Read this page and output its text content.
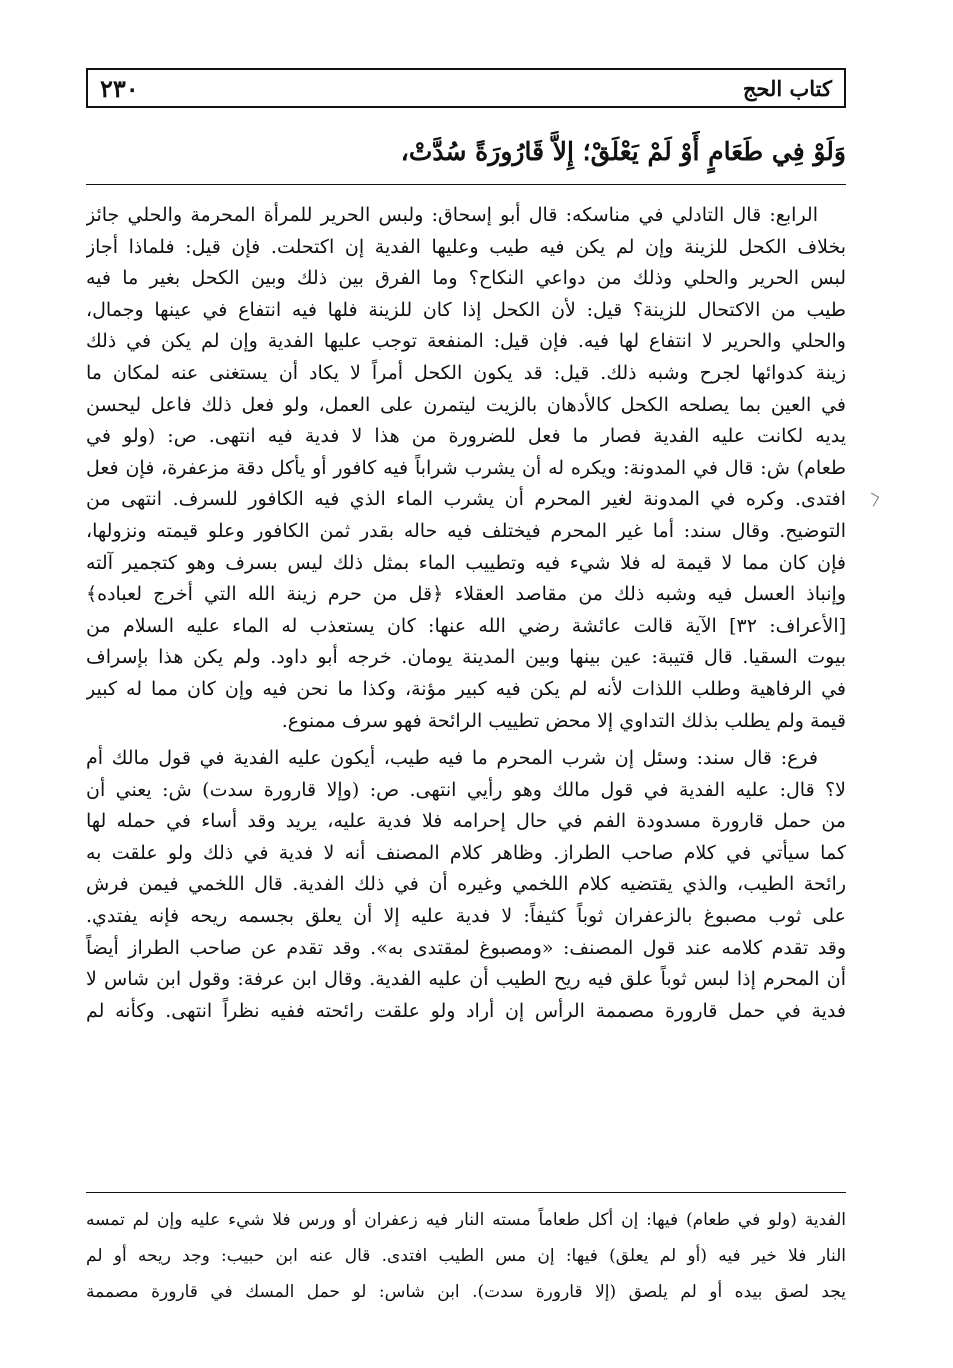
٢٣٠	كتاب الحج
وَلَوْ فِي طَعَامٍ أَوْ لَمْ يَعْلَقْ؛ إِلاَّ قَارُورَةً سُدَّتْ،
الرابع: قال التادلي في مناسكه: قال أبو إسحاق: ولبس الحرير للمرأة المحرمة والحلي جائز
بخلاف الكحل للزينة وإن لم يكن فيه طيب وعليها الفدية إن اكتحلت. فإن قيل: فلماذا أجاز
لبس الحرير والحلي وذلك من دواعي النكاح؟ وما الفرق بين ذلك وبين الكحل بغير ما فيه
طيب من الاكتحال للزينة؟ قيل: لأن الكحل إذا كان للزينة فلها فيه انتفاع في عينها وجمال،
والحلي والحرير لا انتفاع لها فيه. فإن قيل: المنفعة توجب عليها الفدية وإن لم يكن في ذلك
زينة كدوائها لجرح وشبه ذلك. قيل: قد يكون الكحل أمراً لا يكاد أن يستغنى عنه لمكان ما
في العين بما يصلحه الكحل كالأدهان بالزيت ليتمرن على العمل، ولو فعل ذلك فاعل ليحسن
يديه لكانت عليه الفدية فصار ما فعل للضرورة من هذا لا فدية فيه انتهى. ص: (ولو في
طعام) ش: قال في المدونة: ويكره له أن يشرب شراباً فيه كافور أو يأكل دقة مزعفرة، فإن فعل
افتدى. وكره في المدونة لغير المحرم أن يشرب الماء الذي فيه الكافور للسرف. انتهى من
التوضيح. وقال سند: أما غير المحرم فيختلف فيه حاله بقدر ثمن الكافور وعلو قيمته ونزولها،
فإن كان مما لا قيمة له فلا شيء فيه وتطييب الماء بمثل ذلك ليس بسرف وهو كتجمير آلته
وإنباذ العسل فيه وشبه ذلك من مقاصد العقلاء ﴿قل من حرم زينة الله التي أخرج لعباده﴾
[الأعراف: ٣٢] الآية قالت عائشة رضي الله عنها: كان يستعذب له الماء عليه السلام من
بيوت السقيا. قال قتيبة: عين بينها وبين المدينة يومان. خرجه أبو داود. ولم يكن هذا بإسراف
في الرفاهية وطلب اللذات لأنه لم يكن فيه كبير مؤنة، وكذا ما نحن فيه وإن كان مما له كبير
قيمة ولم يطلب بذلك التداوي إلا محض تطييب الرائحة فهو سرف ممنوع.
فرع: قال سند: وسئل إن شرب المحرم ما فيه طيب، أيكون عليه الفدية في قول مالك أم
لا؟ قال: عليه الفدية في قول مالك وهو رأيي انتهى. ص: (وإلا قارورة سدت) ش: يعني أن
من حمل قارورة مسدودة الفم في حال إحرامه فلا فدية عليه، يريد وقد أساء في حمله لها
كما سيأتي في كلام صاحب الطراز. وظاهر كلام المصنف أنه لا فدية في ذلك ولو علقت به
رائحة الطيب، والذي يقتضيه كلام اللخمي وغيره أن في ذلك الفدية. قال اللخمي فيمن فرش
على ثوب مصبوغ بالزعفران ثوباً كثيفاً: لا فدية عليه إلا أن يعلق بجسمه ريحه فإنه يفتدي.
وقد تقدم كلامه عند قول المصنف: «ومصبوغ لمقتدى به». وقد تقدم عن صاحب الطراز أيضاً
أن المحرم إذا لبس ثوباً علق فيه ريح الطيب أن عليه الفدية. وقال ابن عرفة: وقول ابن شاس لا
فدية في حمل قارورة مصممة الرأس إن أراد ولو علقت رائحته ففيه نظراً انتهى. وكأنه لم
الفدية (ولو في طعام) فيها: إن أكل طعاماً مسته النار فيه زعفران أو ورس فلا شيء عليه وإن لم تمسه
النار فلا خير فيه (أو لم يعلق) فيها: إن مس الطيب افتدى. قال عنه ابن حبيب: وجد ريحه أو لم
يجد لصق بيده أو لم يلصق (إلا قارورة سدت). ابن شاس: لو حمل المسك في قارورة مصممة
